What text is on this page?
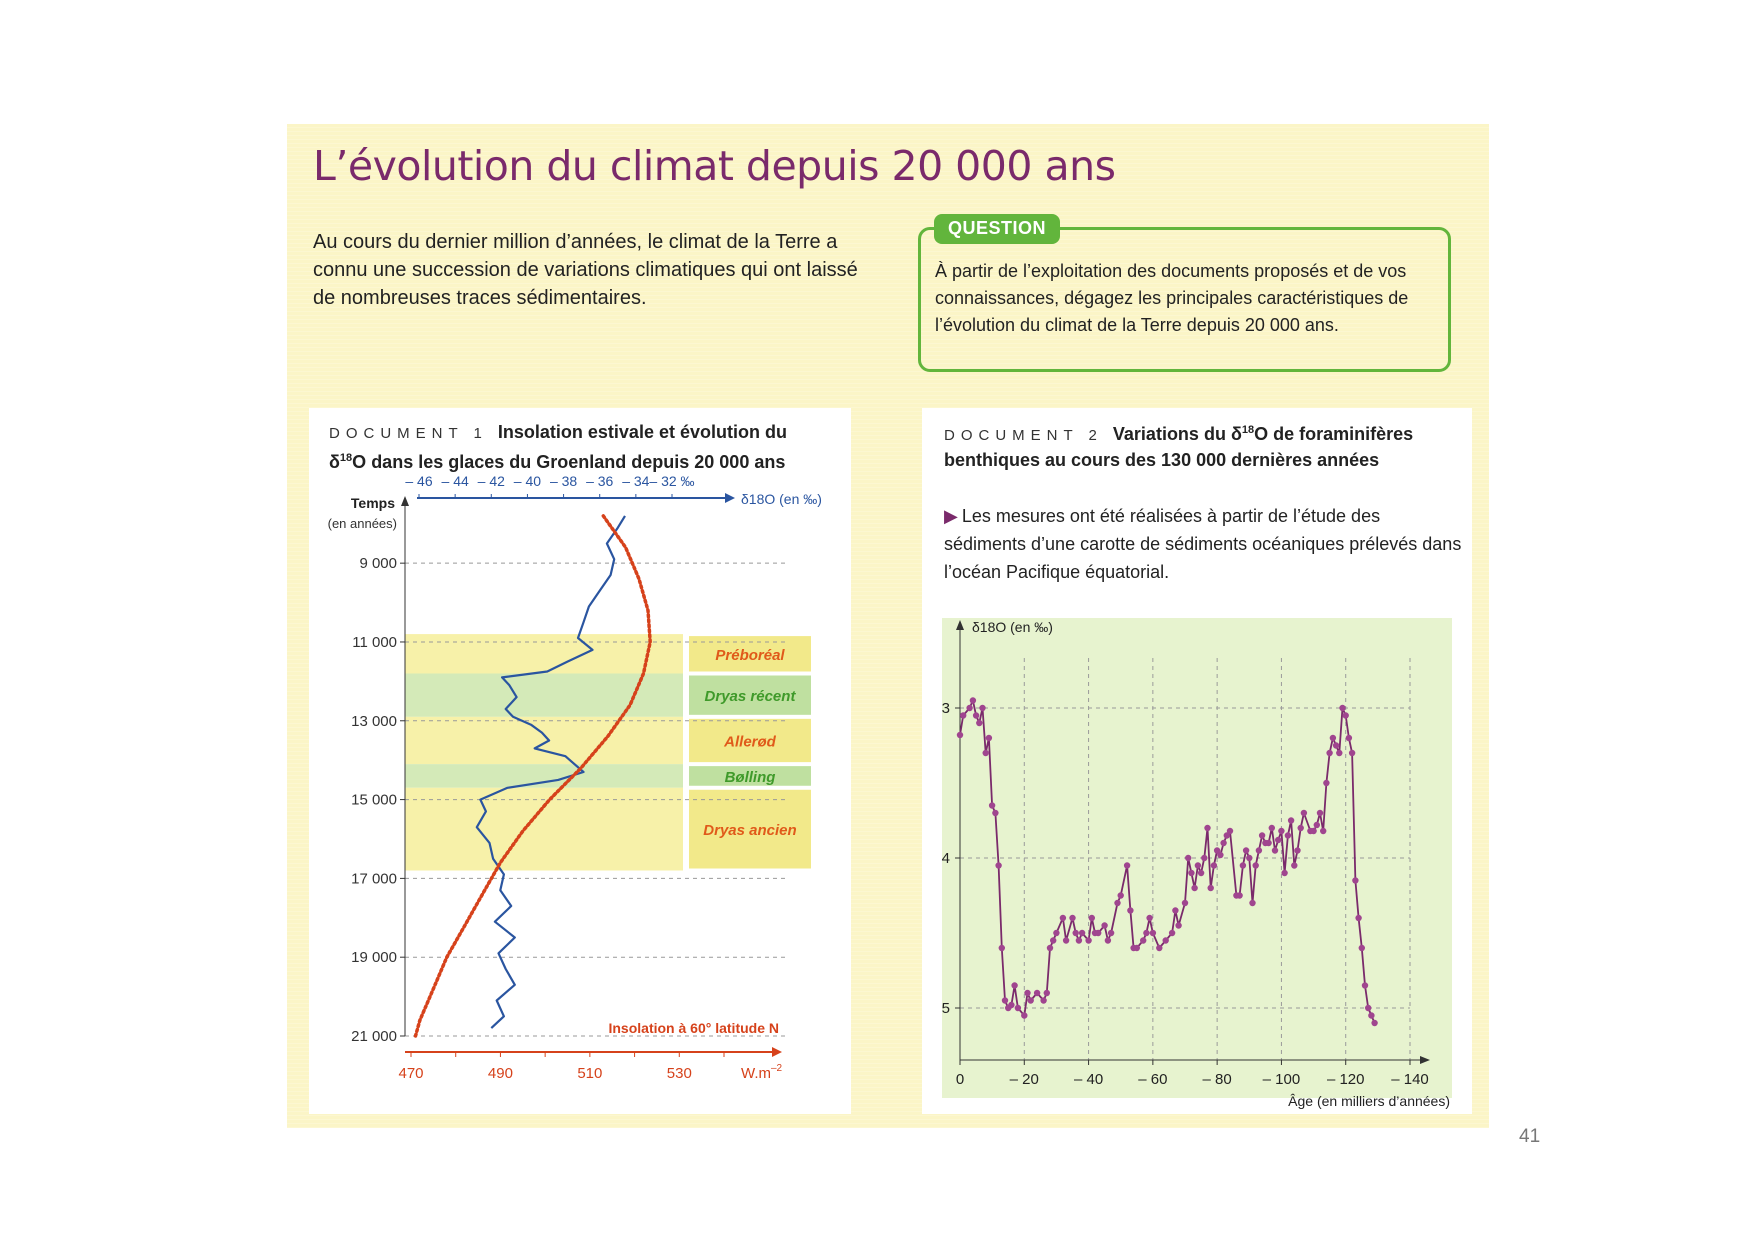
L’évolution du climat depuis 20 000 ans

Au cours du dernier million d’années, le climat de la Terre a connu une succession de variations climatiques qui ont laissé de nombreuses traces sédimentaires.

QUESTION

À partir de l’exploitation des documents proposés et de vos connaissances, dégagez les principales caractéristiques de l’évolution du climat de la Terre depuis 20 000 ans.

DOCUMENT 1 Insolation estivale et évolution du $\delta^{18}O$ dans les glaces du Groenland depuis 20 000 ans

Préboréal
Dryas récent
Allerød
Bølling
Dryas ancien
9 000
11 000
13 000
15 000
17 000
19 000
21 000
Temps
(en années)
– 46 – 44 – 42 – 40 – 38 – 36 – 34 – 32 ‰
δ18O (en ‰)
470	490	510	530	$W.m^{-2}$
Insolation à 60° latitude N

DOCUMENT 2 Variations du $\delta^{18}O$ de foraminifères benthiques au cours des 130 000 dernières années

▶ Les mesures ont été réalisées à partir de l’étude des sédiments d’une carotte de sédiments océaniques prélevés dans l’océan Pacifique équatorial.

0	– 20 – 40 – 60 – 80 – 100 – 120 – 140
3
4
5
δ18O (en ‰)
Âge (en milliers d’années)
41
